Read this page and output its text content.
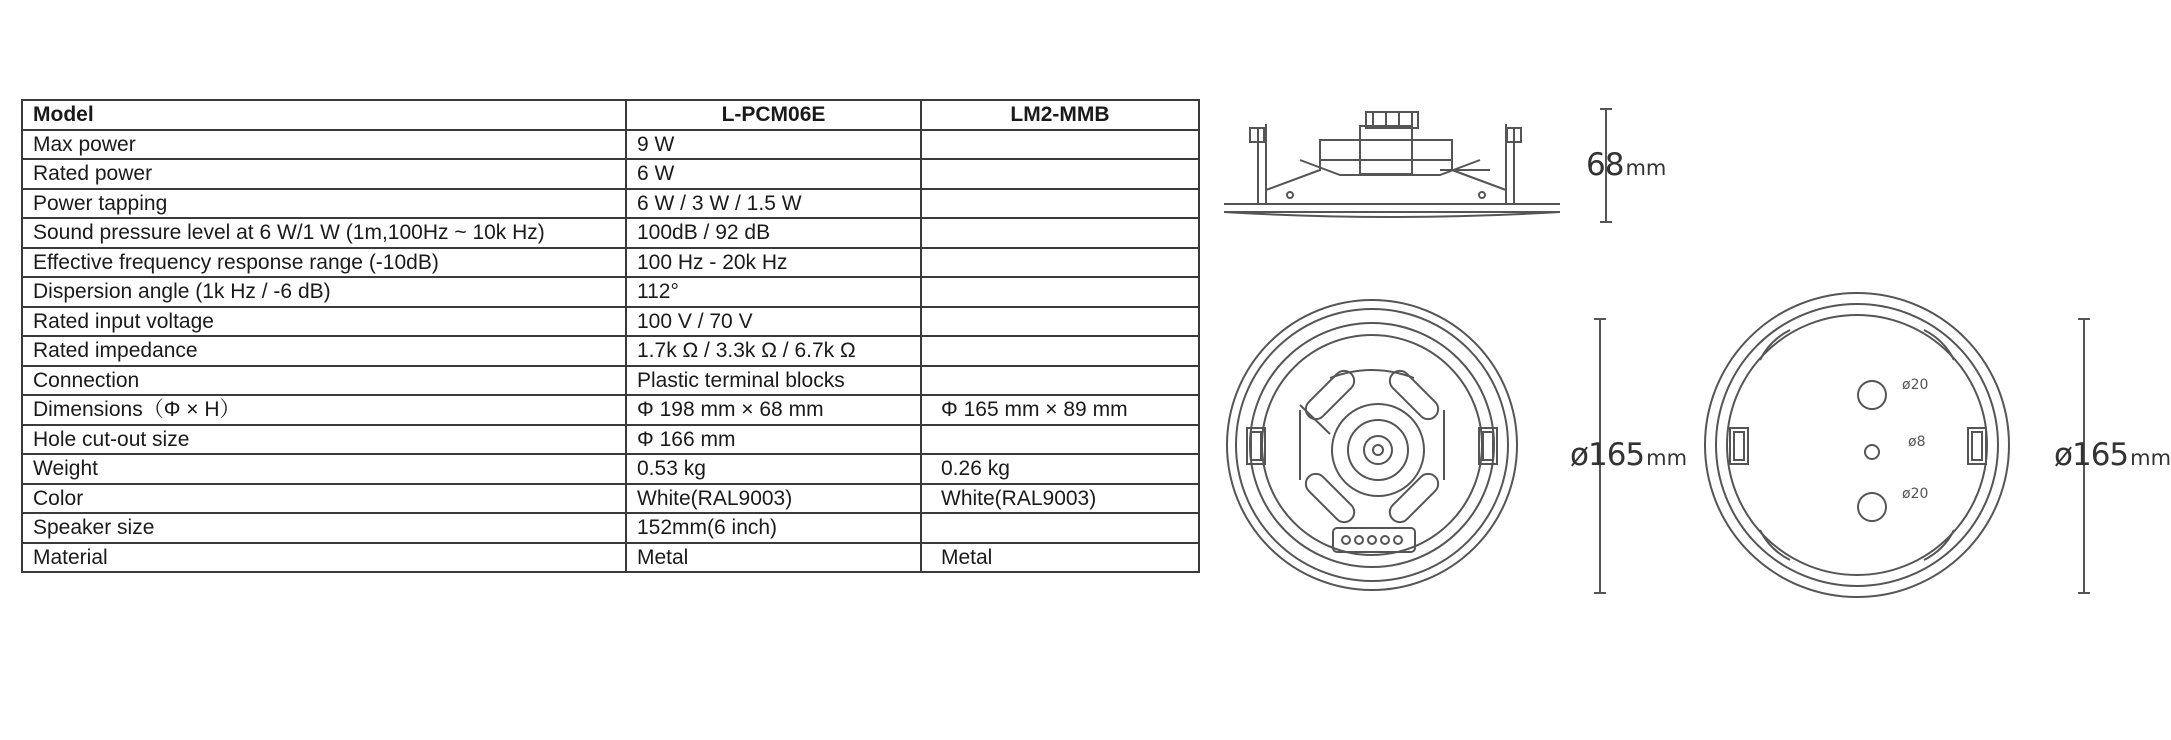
Model	L-PCM06E	LM2-MMB
Max power	9 W	
Rated power	6 W	
Power tapping	6 W / 3 W / 1.5 W	
Sound pressure level at 6 W/1 W (1m,100Hz ~ 10k Hz)	100dB / 92 dB	
Effective frequency response range (-10dB)	100 Hz - 20k Hz	
Dispersion angle (1k Hz / -6 dB)	112°	
Rated input voltage	100 V / 70 V	
Rated impedance	1.7k Ω / 3.3k Ω / 6.7k Ω	
Connection	Plastic terminal blocks	
Dimensions（Φ × H）	Φ 198 mm × 68 mm	Φ 165 mm × 89 mm
Hole cut-out size	Φ 166 mm	
Weight	0.53 kg	0.26 kg
Color	White(RAL9003)	White(RAL9003)
Speaker size	152mm(6 inch)	
Material	Metal	Metal
68mm
ø165mm	ø165mm
ø20
ø8
ø20
